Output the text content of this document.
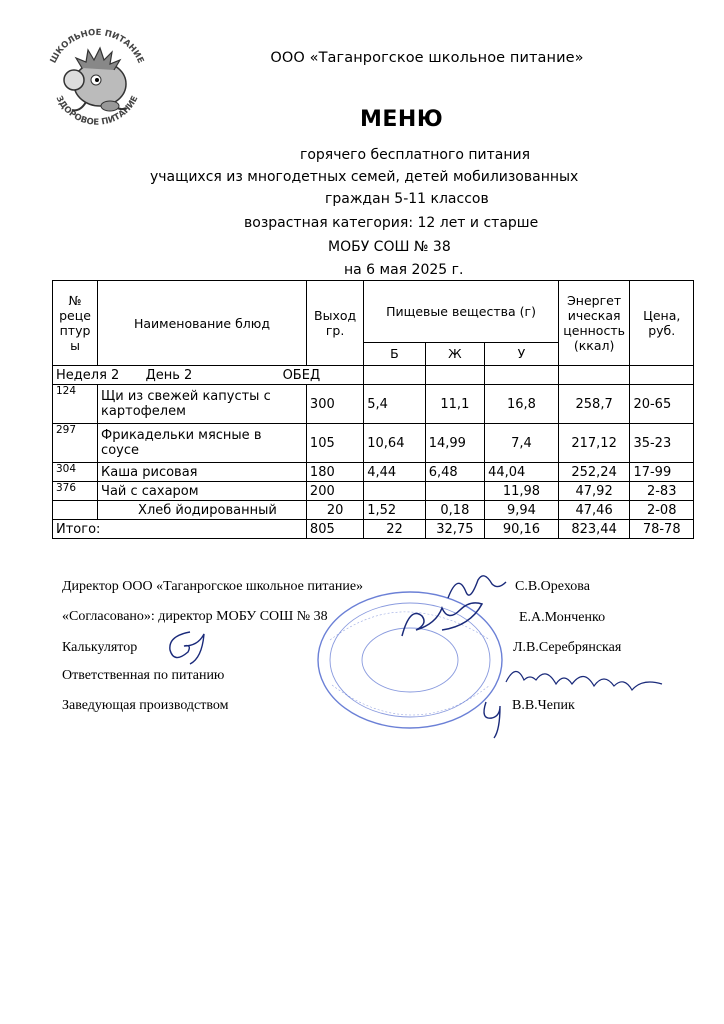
ШКОЛЬНОЕ ПИТАНИЕ
ЗДОРОВОЕ ПИТАНИЕ
ООО «Таганрогское школьное питание»
МЕНЮ
горячего бесплатного питания
учащихся из многодетных семей, детей мобилизованных
граждан 5-11 классов
возрастная категория: 12 лет и старше
МОБУ СОШ № 38
на 6 мая 2025 г.
№ реце птур ы	Наименование блюд	Выход гр.	Пищевые вещества (г)			Энергет ическая ценность (ккал)	Цена, руб.
			Б	Ж	У		
Неделя 2 День 2 ОБЕД							
124	Щи из свежей капусты с картофелем	300	5,4	11,1	16,8	258,7	20-65
297	Фрикадельки мясные в соусе	105	10,64	14,99	7,4	217,12	35-23
304	Каша рисовая	180	4,44	6,48	44,04	252,24	17-99
376	Чай с сахаром	200			11,98	47,92	2-83
	Хлеб йодированный	20	1,52	0,18	9,94	47,46	2-08
Итого:		805	22	32,75	90,16	823,44	78-78
Директор ООО «Таганрогское школьное питание»	С.В.Орехова
«Согласовано»: директор МОБУ СОШ № 38	Е.А.Монченко
Калькулятор	Л.В.Серебрянская
Ответственная по питанию
Заведующая производством	В.В.Чепик
